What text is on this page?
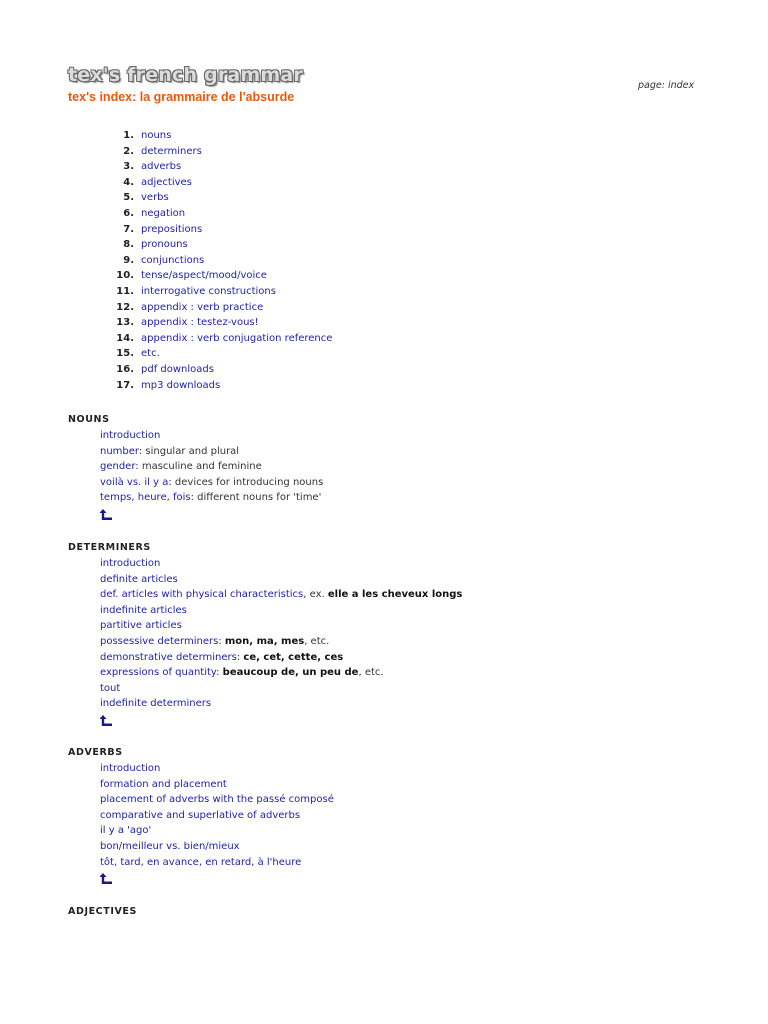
tex's french grammar
tex's index: la grammaire de l'absurde
page: index
1. nouns
2. determiners
3. adverbs
4. adjectives
5. verbs
6. negation
7. prepositions
8. pronouns
9. conjunctions
10. tense/aspect/mood/voice
11. interrogative constructions
12. appendix : verb practice
13. appendix : testez-vous!
14. appendix : verb conjugation reference
15. etc.
16. pdf downloads
17. mp3 downloads
NOUNS
introduction
number: singular and plural
gender: masculine and feminine
voilà vs. il y a: devices for introducing nouns
temps, heure, fois: different nouns for 'time'
DETERMINERS
introduction
definite articles
def. articles with physical characteristics, ex. elle a les cheveux longs
indefinite articles
partitive articles
possessive determiners: mon, ma, mes, etc.
demonstrative determiners: ce, cet, cette, ces
expressions of quantity: beaucoup de, un peu de, etc.
tout
indefinite determiners
ADVERBS
introduction
formation and placement
placement of adverbs with the passé composé
comparative and superlative of adverbs
il y a 'ago'
bon/meilleur vs. bien/mieux
tôt, tard, en avance, en retard, à l'heure
ADJECTIVES
